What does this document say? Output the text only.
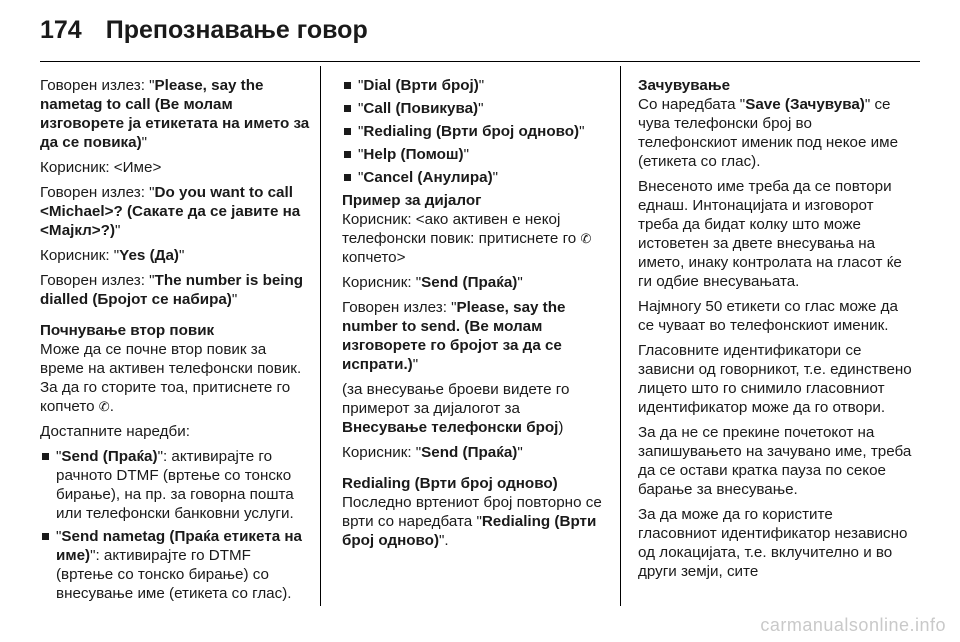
174 Препознавање говор

Говорен излез: "Please, say the nametag to call (Ве молам изговорете ја етикетата на името за да се повика)"

Корисник: <Име>

Говорен излез: "Do you want to call <Michael>? (Сакате да се јавите на <Мајкл>?)"

Корисник: "Yes (Да)"

Говорен излез: "The number is being dialled (Бројот се набира)"

Почнување втор повик

Може да се почне втор повик за време на активен телефонски повик. За да го сторите тоа, притиснете го копчето ✆.

Достапните наредби:

"Send (Праќа)": активирајте го рачното DTMF (вртење со тонско бирање), на пр. за говорна пошта или телефонски банковни услуги.

"Send nametag (Праќа етикета на име)": активирајте го DTMF (вртење со тонско бирање) со внесување име (етикета со глас).

"Dial (Врти број)"

"Call (Повикува)"

"Redialing (Врти број одново)"

"Help (Помош)"

"Cancel (Анулира)"

Пример за дијалог

Корисник: <ако активен е некој телефонски повик: притиснете го ✆ копчето>

Корисник: "Send (Праќа)"

Говорен излез: "Please, say the number to send. (Ве молам изговорете го бројот за да се испрати.)"

(за внесување броеви видете го примерот за дијалогот за Внесување телефонски број)

Корисник: "Send (Праќа)"

Redialing (Врти број одново)

Последно вртениот број повторно се врти со наредбата "Redialing (Врти број одново)".

Зачувување

Со наредбата "Save (Зачувува)" се чува телефонски број во телефонскиот именик под некое име (етикета со глас).

Внесеното име треба да се повтори еднаш. Интонацијата и изговорот треба да бидат колку што може истоветен за двете внесувања на името, инаку контролата на гласот ќе ги одбие внесувањата.

Најмногу 50 етикети со глас може да се чуваат во телефонскиот именик.

Гласовните идентификатори се зависни од говорникот, т.е. единствено лицето што го снимило гласовниот идентификатор може да го отвори.

За да не се прекине почетокот на запишувањето на зачувано име, треба да се остави кратка пауза по секое барање за внесување.

За да може да го користите гласовниот идентификатор независно од локацијата, т.е. вклучително и во други земји, сите

carmanualsonline.info
